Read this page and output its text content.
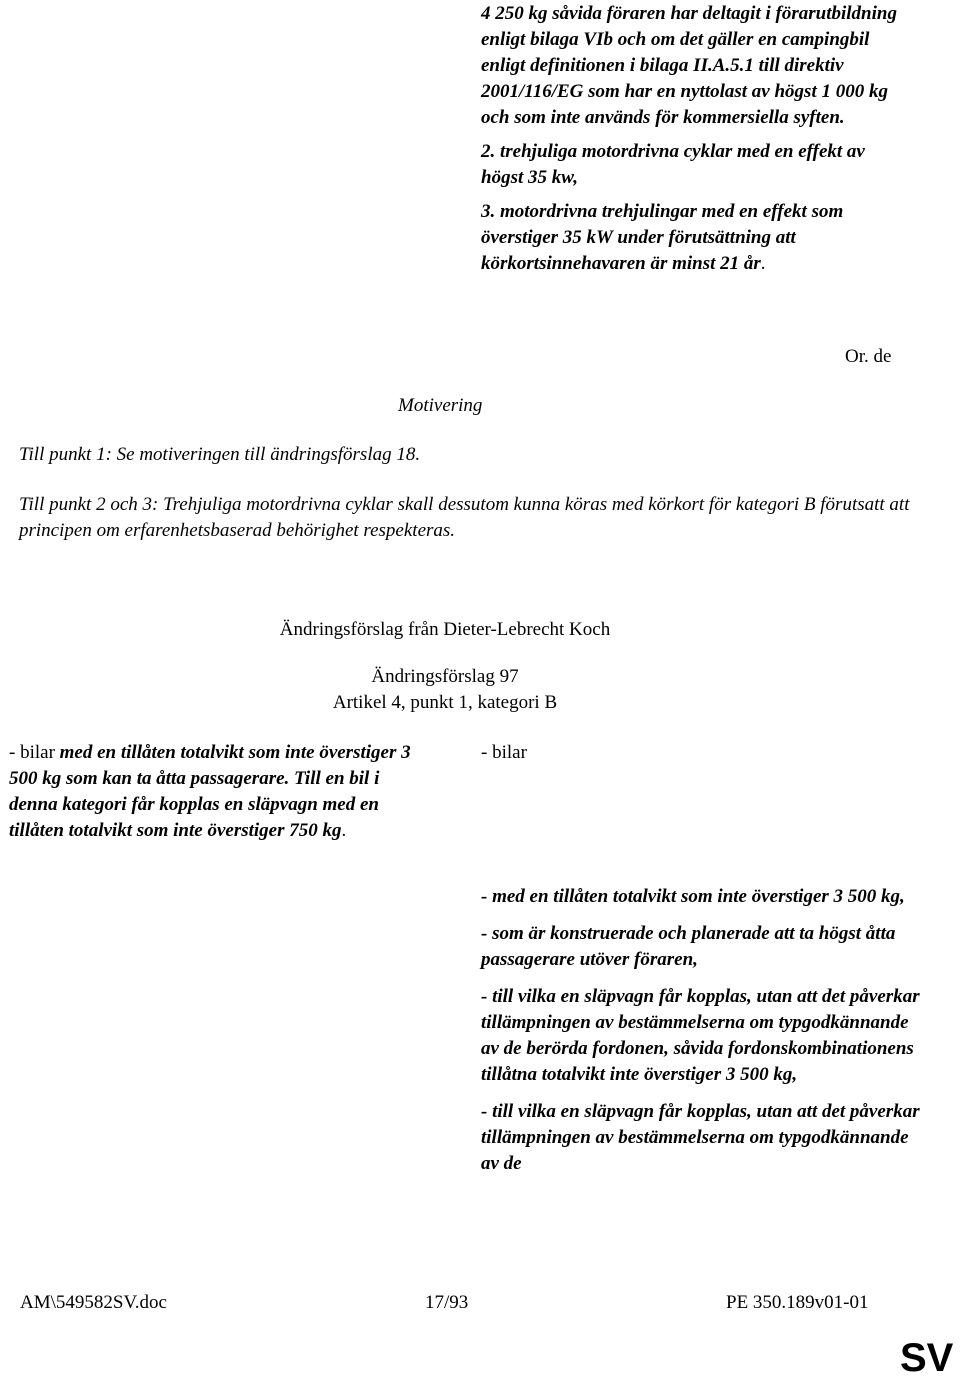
4 250 kg såvida föraren har deltagit i förarutbildning enligt bilaga VIb och om det gäller en campingbil enligt definitionen i bilaga II.A.5.1 till direktiv 2001/116/EG som har en nyttolast av högst 1 000 kg och som inte används för kommersiella syften.

2. trehjuliga motordrivna cyklar med en effekt av högst 35 kw,

3. motordrivna trehjulingar med en effekt som överstiger 35 kW under förutsättning att körkortsinnehavaren är minst 21 år.

Or. de
Motivering
Till punkt 1: Se motiveringen till ändringsförslag 18.
Till punkt 2 och 3: Trehjuliga motordrivna cyklar skall dessutom kunna köras med körkort för kategori B förutsatt att principen om erfarenhetsbaserad behörighet respekteras.
Ändringsförslag från Dieter-Lebrecht Koch
Ändringsförslag 97
Artikel 4, punkt 1, kategori B
- bilar med en tillåten totalvikt som inte överstiger 3 500 kg som kan ta åtta passagerare. Till en bil i denna kategori får kopplas en släpvagn med en tillåten totalvikt som inte överstiger 750 kg.
- bilar

- med en tillåten totalvikt som inte överstiger 3 500 kg,

- som är konstruerade och planerade att ta högst åtta passagerare utöver föraren,

- till vilka en släpvagn får kopplas, utan att det påverkar tillämpningen av bestämmelserna om typgodkännande av de berörda fordonen, såvida fordonskombinationens tillåtna totalvikt inte överstiger 3 500 kg,

- till vilka en släpvagn får kopplas, utan att det påverkar tillämpningen av bestämmelserna om typgodkännande av de

AM\549582SV.doc	17/93	PE 350.189v01-01
SV
